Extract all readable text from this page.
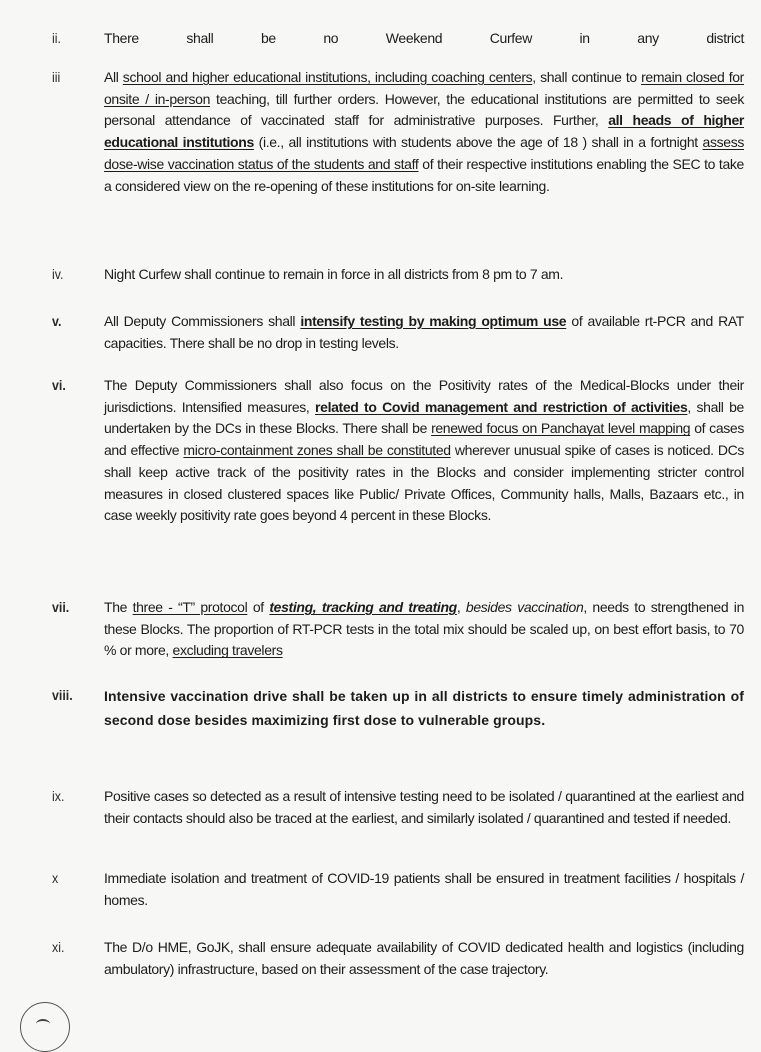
ii.	There shall be no Weekend Curfew in any district
iii	All school and higher educational institutions, including coaching centers, shall continue to remain closed for onsite / in-person teaching, till further orders. However, the educational institutions are permitted to seek personal attendance of vaccinated staff for administrative purposes. Further, all heads of higher educational institutions (i.e., all institutions with students above the age of 18 ) shall in a fortnight assess dose-wise vaccination status of the students and staff of their respective institutions enabling the SEC to take a considered view on the re-opening of these institutions for on-site learning.
iv.	Night Curfew shall continue to remain in force in all districts from 8 pm to 7 am.
v.	All Deputy Commissioners shall intensify testing by making optimum use of available rt-PCR and RAT capacities. There shall be no drop in testing levels.
vi.	The Deputy Commissioners shall also focus on the Positivity rates of the Medical-Blocks under their jurisdictions. Intensified measures, related to Covid management and restriction of activities, shall be undertaken by the DCs in these Blocks. There shall be renewed focus on Panchayat level mapping of cases and effective micro-containment zones shall be constituted wherever unusual spike of cases is noticed. DCs shall keep active track of the positivity rates in the Blocks and consider implementing stricter control measures in closed clustered spaces like Public/ Private Offices, Community halls, Malls, Bazaars etc., in case weekly positivity rate goes beyond 4 percent in these Blocks.
vii. The three - “T” protocol of testing, tracking and treating, besides vaccination, needs to strengthened in these Blocks. The proportion of RT-PCR tests in the total mix should be scaled up, on best effort basis, to 70 % or more, excluding travelers
viii. Intensive vaccination drive shall be taken up in all districts to ensure timely administration of second dose besides maximizing first dose to vulnerable groups.
ix.	Positive cases so detected as a result of intensive testing need to be isolated / quarantined at the earliest and their contacts should also be traced at the earliest, and similarly isolated / quarantined and tested if needed.
x	Immediate isolation and treatment of COVID-19 patients shall be ensured in treatment facilities / hospitals / homes.
xi.	The D/o HME, GoJK, shall ensure adequate availability of COVID dedicated health and logistics (including ambulatory) infrastructure, based on their assessment of the case trajectory.
